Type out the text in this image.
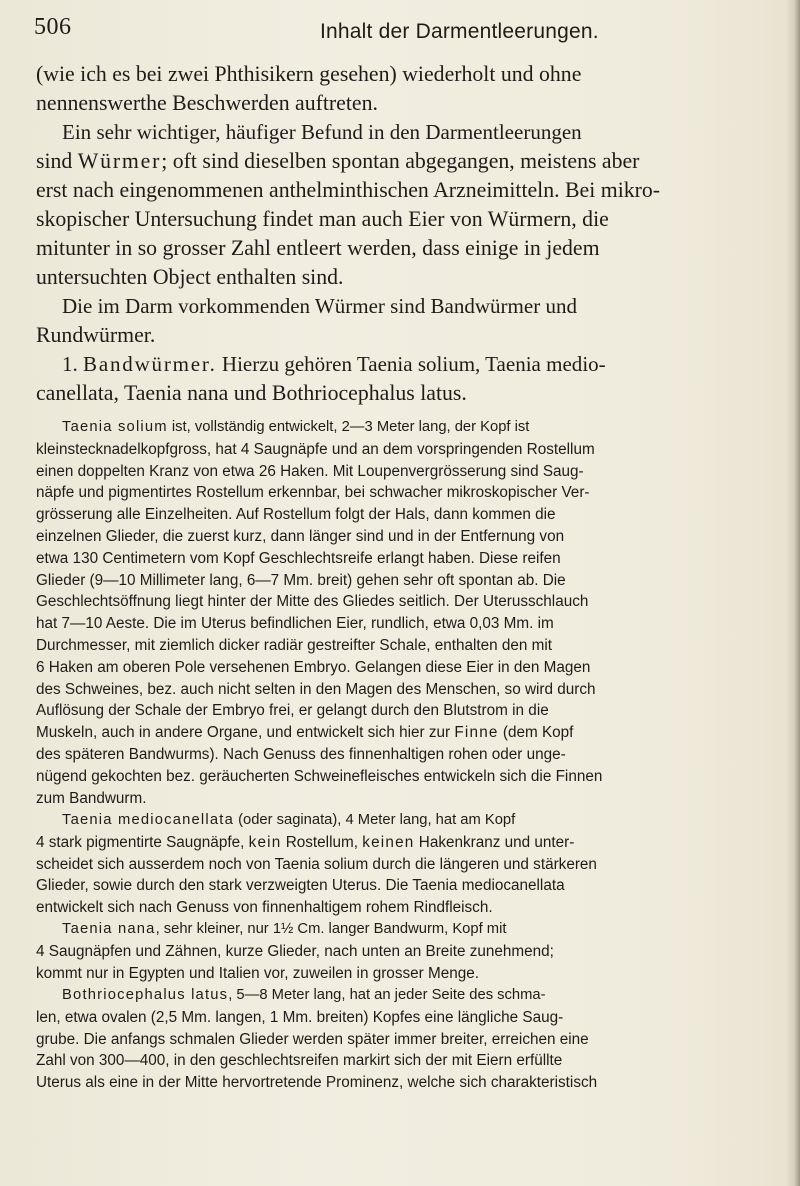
506	Inhalt der Darmentleerungen.
(wie ich es bei zwei Phthisikern gesehen) wiederholt und ohne
nennenswerthe Beschwerden auftreten.
Ein sehr wichtiger, häufiger Befund in den Darmentleerungen
sind Würmer; oft sind dieselben spontan abgegangen, meistens aber
erst nach eingenommenen anthelminthischen Arzneimitteln. Bei mikro-
skopischer Untersuchung findet man auch Eier von Würmern, die
mitunter in so grosser Zahl entleert werden, dass einige in jedem
untersuchten Object enthalten sind.
Die im Darm vorkommenden Würmer sind Bandwürmer und
Rundwürmer.
1. Bandwürmer. Hierzu gehören Taenia solium, Taenia medio-
canellata, Taenia nana und Bothriocephalus latus.
Taenia solium ist, vollständig entwickelt, 2—3 Meter lang, der Kopf ist
kleinstecknadelkopfgross, hat 4 Saugnäpfe und an dem vorspringenden Rostellum
einen doppelten Kranz von etwa 26 Haken. Mit Loupenvergrösserung sind Saug-
näpfe und pigmentirtes Rostellum erkennbar, bei schwacher mikroskopischer Ver-
grösserung alle Einzelheiten. Auf Rostellum folgt der Hals, dann kommen die
einzelnen Glieder, die zuerst kurz, dann länger sind und in der Entfernung von
etwa 130 Centimetern vom Kopf Geschlechtsreife erlangt haben. Diese reifen
Glieder (9—10 Millimeter lang, 6—7 Mm. breit) gehen sehr oft spontan ab. Die
Geschlechtsöffnung liegt hinter der Mitte des Gliedes seitlich. Der Uterusschlauch
hat 7—10 Aeste. Die im Uterus befindlichen Eier, rundlich, etwa 0,03 Mm. im
Durchmesser, mit ziemlich dicker radiär gestreifter Schale, enthalten den mit
6 Haken am oberen Pole versehenen Embryo. Gelangen diese Eier in den Magen
des Schweines, bez. auch nicht selten in den Magen des Menschen, so wird durch
Auflösung der Schale der Embryo frei, er gelangt durch den Blutstrom in die
Muskeln, auch in andere Organe, und entwickelt sich hier zur Finne (dem Kopf
des späteren Bandwurms). Nach Genuss des finnenhaltigen rohen oder unge-
nügend gekochten bez. geräucherten Schweinefleisches entwickeln sich die Finnen
zum Bandwurm.
Taenia mediocanellata (oder saginata), 4 Meter lang, hat am Kopf
4 stark pigmentirte Saugnäpfe, kein Rostellum, keinen Hakenkranz und unter-
scheidet sich ausserdem noch von Taenia solium durch die längeren und stärkeren
Glieder, sowie durch den stark verzweigten Uterus. Die Taenia mediocanellata
entwickelt sich nach Genuss von finnenhaltigem rohem Rindfleisch.
Taenia nana, sehr kleiner, nur 1½ Cm. langer Bandwurm, Kopf mit
4 Saugnäpfen und Zähnen, kurze Glieder, nach unten an Breite zunehmend;
kommt nur in Egypten und Italien vor, zuweilen in grosser Menge.
Bothriocephalus latus, 5—8 Meter lang, hat an jeder Seite des schma-
len, etwa ovalen (2,5 Mm. langen, 1 Mm. breiten) Kopfes eine längliche Saug-
grube. Die anfangs schmalen Glieder werden später immer breiter, erreichen eine
Zahl von 300—400, in den geschlechtsreifen markirt sich der mit Eiern erfüllte
Uterus als eine in der Mitte hervortretende Prominenz, welche sich charakteristisch
